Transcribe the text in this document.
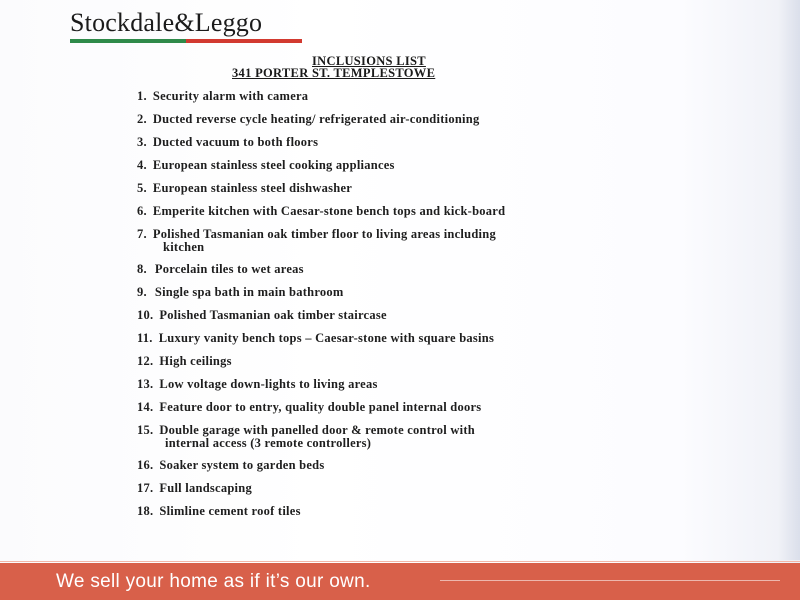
Stockdale&Leggo
INCLUSIONS LIST
341 PORTER ST. TEMPLESTOWE
1. Security alarm with camera
2. Ducted reverse cycle heating/ refrigerated air-conditioning
3. Ducted vacuum to both floors
4. European stainless steel cooking appliances
5. European stainless steel dishwasher
6. Emperite kitchen with Caesar-stone bench tops and kick-board
7. Polished Tasmanian oak timber floor to living areas including
kitchen
8. Porcelain tiles to wet areas
9. Single spa bath in main bathroom
10. Polished Tasmanian oak timber staircase
11. Luxury vanity bench tops – Caesar-stone with square basins
12. High ceilings
13. Low voltage down-lights to living areas
14. Feature door to entry, quality double panel internal doors
15. Double garage with panelled door & remote control with
internal access (3 remote controllers)
16. Soaker system to garden beds
17. Full landscaping
18. Slimline cement roof tiles
We sell your home as if it’s our own.
